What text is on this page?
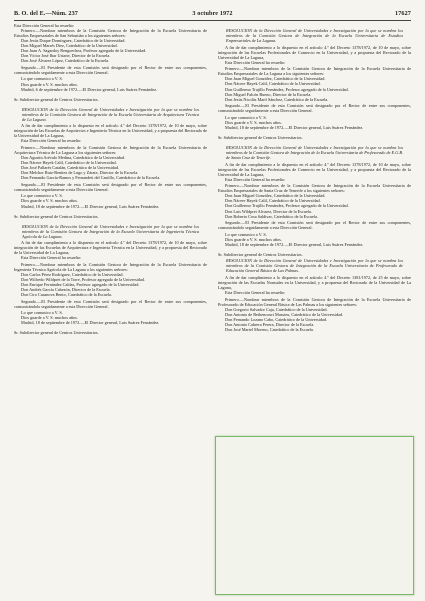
B. O. del E.—Núm. 237	3 octubre 1972	17627

Esta Dirección General ha resuelto:

Primero.—Nombrar miembros de la Comisión Gestora de Integración de la Escuela Universitaria de Estudios Empresariales de San Sebastián a los siguientes señores:

Don Jesús Duque Domínguez, Catedrático de la Universidad.

Don Miguel Marrés Diez, Catedrático de la Universidad.

Don Juan A. Sagardoy Bengoechea, Profesor agregado de la Universidad.

Don Víctor José Ibar Uriarte, Director de la Escuela.

Don José Álvarez López, Catedrático de la Escuela.

Segundo.—El Presidente de esta Comisión será designado por el Rector de entre sus componentes, comunicándolo seguidamente a esta Dirección General.

Lo que comunico a V. S.

Dios guarde a V. S. muchos años.

Madrid, 6 de septiembre de 1972.—El Director general, Luis Suárez Fernández.

Sr. Subdirector general de Centros Universitarios.

RESOLUCION de la Dirección General de Universidades e Investigación por la que se nombra los miembros de la Comisión Gestora de Integración de la Escuela Universitaria de Arquitectura Técnica de La Laguna.

A fin de dar cumplimiento a lo dispuesto en el artículo 4.º del Decreto 1378/1972, de 10 de mayo, sobre integración de las Escuelas de Arquitectos e Ingeniería Técnica en la Universidad, y a propuesta del Rectorado de la Universidad de La Laguna,

Esta Dirección General ha resuelto:

Primero.—Nombrar miembros de la Comisión Gestora de Integración de la Escuela Universitaria de Arquitectura Técnica de La Laguna a los siguientes señores:

Don Agustín Arévalo Medina, Catedrático de la Universidad.

Don Nácere Hayek Calil, Catedrático de la Universidad.

Don José Pallarés Catalán, Catedrático de la Universidad.

Don Melchor Ruiz-Benítez de Lugo y Zárate, Director de la Escuela.

Don Fernando García-Ramos y Fernandeit del Castillo, Catedrático de la Escuela.

Segundo.—El Presidente de esta Comisión será designado por el Rector de entre sus componentes, comunicándolo seguidamente a esta Dirección General.

Lo que comunico a V. S.

Dios guarde a V. S. muchos años.

Madrid, 18 de septiembre de 1972.—El Director general, Luis Suárez Fernández.

Sr. Subdirector general de Centros Universitarios.

RESOLUCION de la Dirección General de Universidades e Investigación por la que se nombra los miembros de la Comisión Gestora de Integración de la Escuela Universitaria de Ingeniería Técnica Agrícola de La Laguna.

A fin de dar cumplimiento a lo dispuesto en el artículo 4.º del Decreto 1378/1972, de 10 de mayo, sobre integración de las Escuelas de Arquitectura e Ingeniería Técnica en la Universidad, y a propuesta del Rectorado de la Universidad de La Laguna,

Esta Dirección General ha resuelto:

Primero.—Nombrar miembros de la Comisión Gestora de Integración de la Escuela Universitaria de Ingeniería Técnica Agrícola de La Laguna a los siguientes señores:

Don Carlos Pérez Rodríguez, Catedrático de la Universidad.

Don Wilfredo Wildpret de la Torre, Profesor agregado de la Universidad.

Don Enrique Fernández Caldas, Profesor agregado de la Universidad.

Don Andrés García Cabezón, Director de la Escuela.

Don Ciro Casanova Bento, Catedrático de la Escuela.

Segundo.—El Presidente de esta Comisión será designado por el Rector de entre sus componentes, comunicándolo seguidamente a esta Dirección General.

Lo que comunico a V. S.

Dios guarde a V. S. muchos años.

Madrid, 18 de septiembre de 1972.—El Director general, Luis Suárez Fernández.

Sr. Subdirector general de Centros Universitarios.

RESOLUCION de la Dirección General de Universidades e Investigación por la que se nombra los miembros de la Comisión Gestora de Integración de la Escuela Universitaria de Estudios Empresariales de La Laguna.

A fin de dar cumplimiento a lo dispuesto en el artículo 4.º del Decreto 1378/1972, de 10 de mayo, sobre integración de las Escuelas Profesionales de Comercio en la Universidad, y a propuesta del Rectorado de la Universidad de La Laguna,

Esta Dirección General ha resuelto:

Primero.—Nombrar miembros de la Comisión Gestora de Integración de la Escuela Universitaria de Estudios Empresariales de La Laguna a los siguientes señores:

Don Juan Miguel González, Catedrático de la Universidad.

Don Nácere Hayek Calil, Catedrático de la Universidad.

Don Guillermo Trujillo Fernández, Profesor agregado de la Universidad.

Don Miguel Falcón Bueno, Director de la Escuela.

Don Jesús Nicolás Martí Sánchez, Catedrático de la Escuela.

Segundo.—El Presidente de esta Comisión será designado por el Rector de entre sus componentes, comunicándolo seguidamente a esta Dirección General.

Lo que comunico a V. S.

Dios guarde a V. S. muchos años.

Madrid, 18 de septiembre de 1972.—El Director general, Luis Suárez Fernández.

Sr. Subdirector general de Centros Universitarios.

RESOLUCION de la Dirección General de Universidades e Investigación por la que se nombra los miembros de la Comisión Gestora de Integración de la Escuela Universitaria de Profesorado de E.G.B. de Santa Cruz de Tenerife.

A fin de dar cumplimiento a lo dispuesto en el artículo 4.º del Decreto 1378/1972, de 10 de mayo, sobre integración de las Escuelas Profesionales de Comercio en la Universidad, y a propuesta del Rectorado de la Universidad de La Laguna,

Esta Dirección General ha resuelto:

Primero.—Nombrar miembros de la Comisión Gestora de Integración de la Escuela Universitaria de Estudios Empresariales de Santa Cruz de Tenerife a los siguientes señores:

Don Juan Miguel González, Catedrático de la Universidad.

Don Nácere Hayek Calil, Catedrático de la Universidad.

Don Guillermo Trujillo Fernández, Profesor agregado de la Universidad.

Don Luis Wildpret Alvarez, Director de la Escuela.

Don Roberto Cosa Saldivar, Catedrático de la Escuela.

Segundo.—El Presidente de esta Comisión será designado por el Rector de entre sus componentes, comunicándolo seguidamente a esta Dirección General.

Lo que comunico a V. S.

Dios guarde a V. S. muchos años.

Madrid, 18 de septiembre de 1972.—El Director general, Luis Suárez Fernández.

Sr. Subdirector general de Centros Universitarios.

RESOLUCION de la Dirección General de Universidades e Investigación por la que se nombra los miembros de la Comisión Gestora de Integración de la Escuela Universitaria de Profesorado de Educación General Básica de Las Palmas.

A fin de dar cumplimiento a lo dispuesto en el artículo 4.º del Decreto 1381/1972, de 25 de mayo, sobre integración de las Escuelas Normales en la Universidad, y a propuesta del Rectorado de la Universidad de La Laguna,

Esta Dirección General ha resuelto:

Primero.—Nombrar miembros de la Comisión Gestora de Integración de la Escuela Universitaria de Profesorado de Educación General Básica de Las Palmas a los siguientes señores:

Don Gregorio Salvador Caja, Catedrático de la Universidad.

Don Antonio de Bethencourt Massieu, Catedrático de la Universidad.

Don Fernando Lozano Cabo, Catedrático de la Universidad.

Don Antonio Cabrera Perera, Director de la Escuela.

Don José Martel Moreno, Catedrático de la Escuela.
